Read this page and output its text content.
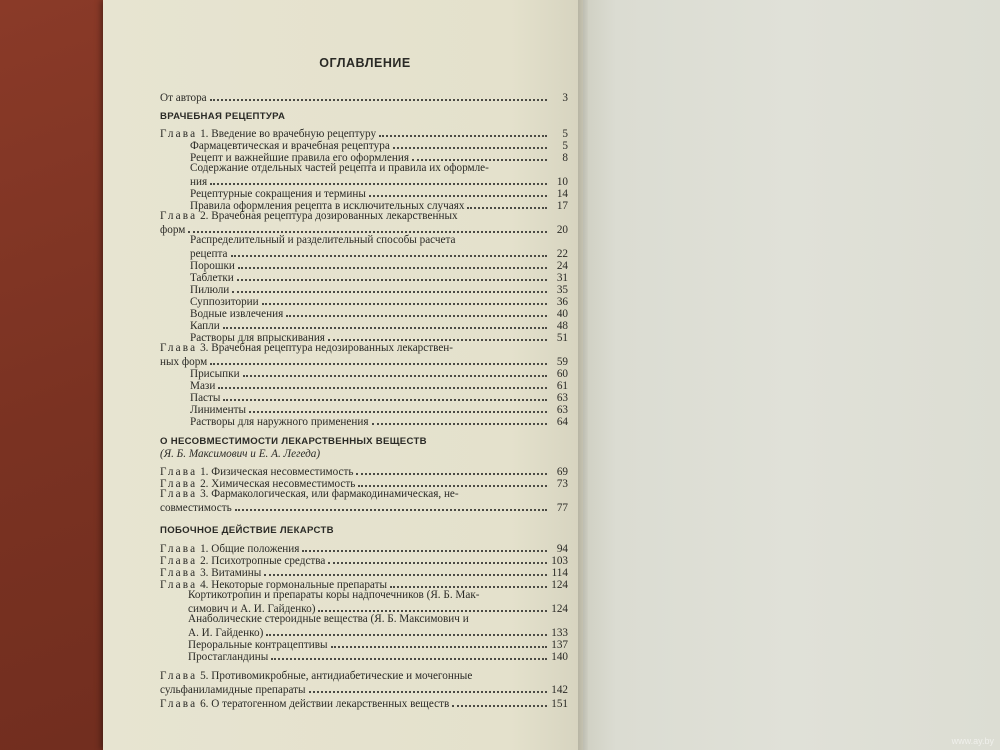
ОГЛАВЛЕНИЕ
От автора	3
ВРАЧЕБНАЯ РЕЦЕПТУРА
Глава 1. Введение во врачебную рецептуру	5
Фармацевтическая и врачебная рецептура	5
Рецепт и важнейшие правила его оформления	8
Содержание отдельных частей рецепта и правила их оформле-
ния	10
Рецептурные сокращения и термины	14
Правила оформления рецепта в исключительных случаях	17
Глава 2. Врачебная рецептура дозированных лекарственных
форм	20
Распределительный и разделительный способы расчета
рецепта	22
Порошки	24
Таблетки	31
Пилюли	35
Суппозитории	36
Водные извлечения	40
Капли	48
Растворы для впрыскивания	51
Глава 3. Врачебная рецептура недозированных лекарствен-
ных форм	59
Присыпки	60
Мази	61
Пасты	63
Линименты	63
Растворы для наружного применения	64
О НЕСОВМЕСТИМОСТИ ЛЕКАРСТВЕННЫХ ВЕЩЕСТВ
(Я. Б. Максимович и Е. А. Легеда)
Глава 1. Физическая несовместимость	69
Глава 2. Химическая несовместимость	73
Глава 3. Фармакологическая, или фармакодинамическая, не-
совместимость	77
ПОБОЧНОЕ ДЕЙСТВИЕ ЛЕКАРСТВ
Глава 1. Общие положения	94
Глава 2. Психотропные средства	103
Глава 3. Витамины	114
Глава 4. Некоторые гормональные препараты	124
Кортикотропин и препараты коры надпочечников (Я. Б. Мак-
симович и А. И. Гайденко)	124
Анаболические стероидные вещества (Я. Б. Максимович и
А. И. Гайденко)	133
Пероральные контрацептивы	137
Простагландины	140
Глава 5. Противомикробные, антидиабетические и мочегонные
сульфаниламидные препараты	142
Глава 6. О тератогенном действии лекарственных веществ	151
www.ay.by
